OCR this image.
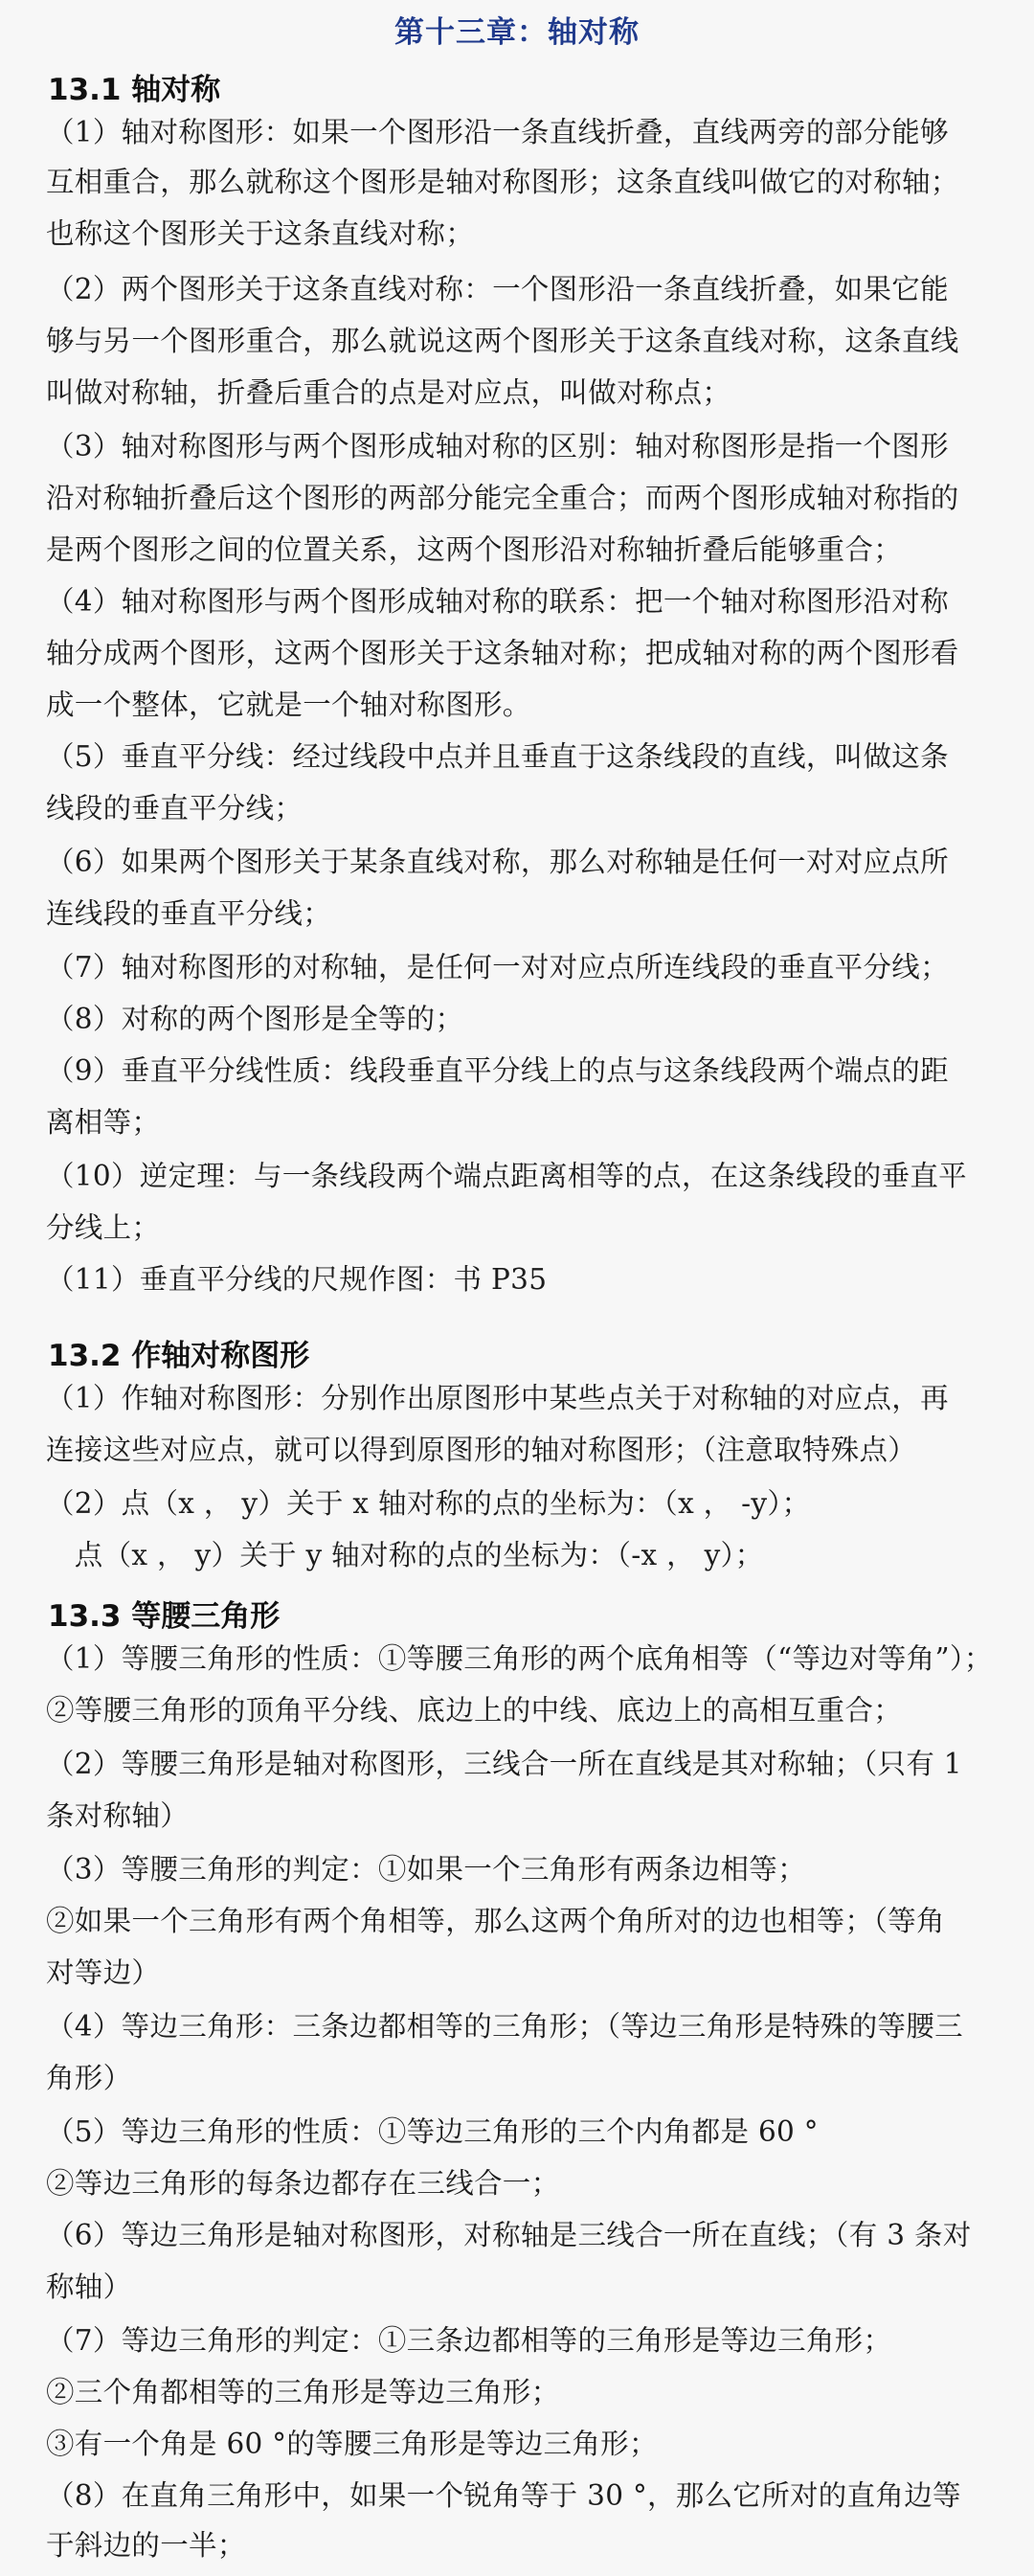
第十三章：轴对称
13.1 轴对称
（1）轴对称图形：如果一个图形沿一条直线折叠，直线两旁的部分能够
互相重合，那么就称这个图形是轴对称图形；这条直线叫做它的对称轴；
也称这个图形关于这条直线对称；
（2）两个图形关于这条直线对称：一个图形沿一条直线折叠，如果它能
够与另一个图形重合，那么就说这两个图形关于这条直线对称，这条直线
叫做对称轴，折叠后重合的点是对应点，叫做对称点；
（3）轴对称图形与两个图形成轴对称的区别：轴对称图形是指一个图形
沿对称轴折叠后这个图形的两部分能完全重合；而两个图形成轴对称指的
是两个图形之间的位置关系，这两个图形沿对称轴折叠后能够重合；
（4）轴对称图形与两个图形成轴对称的联系：把一个轴对称图形沿对称
轴分成两个图形，这两个图形关于这条轴对称；把成轴对称的两个图形看
成一个整体，它就是一个轴对称图形。
（5）垂直平分线：经过线段中点并且垂直于这条线段的直线，叫做这条
线段的垂直平分线；
（6）如果两个图形关于某条直线对称，那么对称轴是任何一对对应点所
连线段的垂直平分线；
（7）轴对称图形的对称轴，是任何一对对应点所连线段的垂直平分线；
（8）对称的两个图形是全等的；
（9）垂直平分线性质：线段垂直平分线上的点与这条线段两个端点的距
离相等；
（10）逆定理：与一条线段两个端点距离相等的点，在这条线段的垂直平
分线上；
（11）垂直平分线的尺规作图：书 P35
13.2 作轴对称图形
（1）作轴对称图形：分别作出原图形中某些点关于对称轴的对应点，再
连接这些对应点，就可以得到原图形的轴对称图形；（注意取特殊点）
（2）点（x ， y）关于 x 轴对称的点的坐标为：（x ， -y）；
　点（x ， y）关于 y 轴对称的点的坐标为：（-x ， y）；
13.3 等腰三角形
（1）等腰三角形的性质：①等腰三角形的两个底角相等（“等边对等角”）；
②等腰三角形的顶角平分线、底边上的中线、底边上的高相互重合；
（2）等腰三角形是轴对称图形，三线合一所在直线是其对称轴；（只有 1
条对称轴）
（3）等腰三角形的判定：①如果一个三角形有两条边相等；
②如果一个三角形有两个角相等，那么这两个角所对的边也相等；（等角
对等边）
（4）等边三角形：三条边都相等的三角形；（等边三角形是特殊的等腰三
角形）
（5）等边三角形的性质：①等边三角形的三个内角都是 60 °
②等边三角形的每条边都存在三线合一；
（6）等边三角形是轴对称图形，对称轴是三线合一所在直线；（有 3 条对
称轴）
（7）等边三角形的判定：①三条边都相等的三角形是等边三角形；
②三个角都相等的三角形是等边三角形；
③有一个角是 60 °的等腰三角形是等边三角形；
（8）在直角三角形中，如果一个锐角等于 30 °，那么它所对的直角边等
于斜边的一半；
